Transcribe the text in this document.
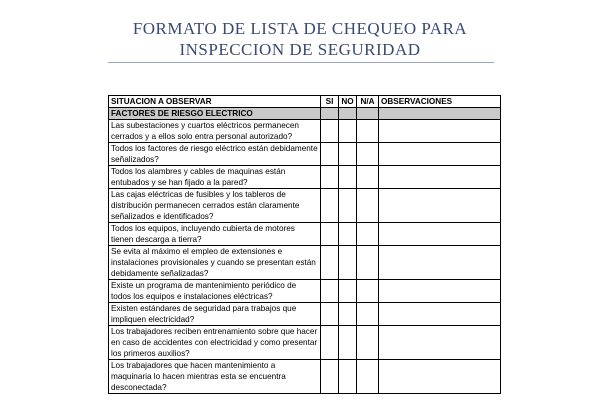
FORMATO DE LISTA DE CHEQUEO PARA
INSPECCION DE SEGURIDAD
SITUACION A OBSERVAR	SI	NO	N/A	OBSERVACIONES
FACTORES DE RIESGO ELECTRICO				
Las subestaciones y cuartos eléctricos permanecen cerrados y a ellos solo entra personal autorizado?				
Todos los factores de riesgo eléctrico están debidamente señalizados?				
Todos los alambres y cables de maquinas están entubados y se han fijado a la pared?				
Las cajas eléctricas de fusibles y los tableros de distribución permanecen cerrados están claramente señalizados e identificados?				
Todos los equipos, incluyendo cubierta de motores tienen descarga a tierra?				
Se evita al máximo el empleo de extensiones e instalaciones provisionales y cuando se presentan están debidamente señalizadas?				
Existe un programa de mantenimiento periódico de todos los equipos e instalaciones eléctricas?				
Existen estándares de seguridad para trabajos que impliquen electricidad?				
Los trabajadores reciben entrenamiento sobre que hacer en caso de accidentes con electricidad y como presentar los primeros auxilios?				
Los trabajadores que hacen mantenimiento a maquinaria lo hacen mientras esta se encuentra desconectada?				
